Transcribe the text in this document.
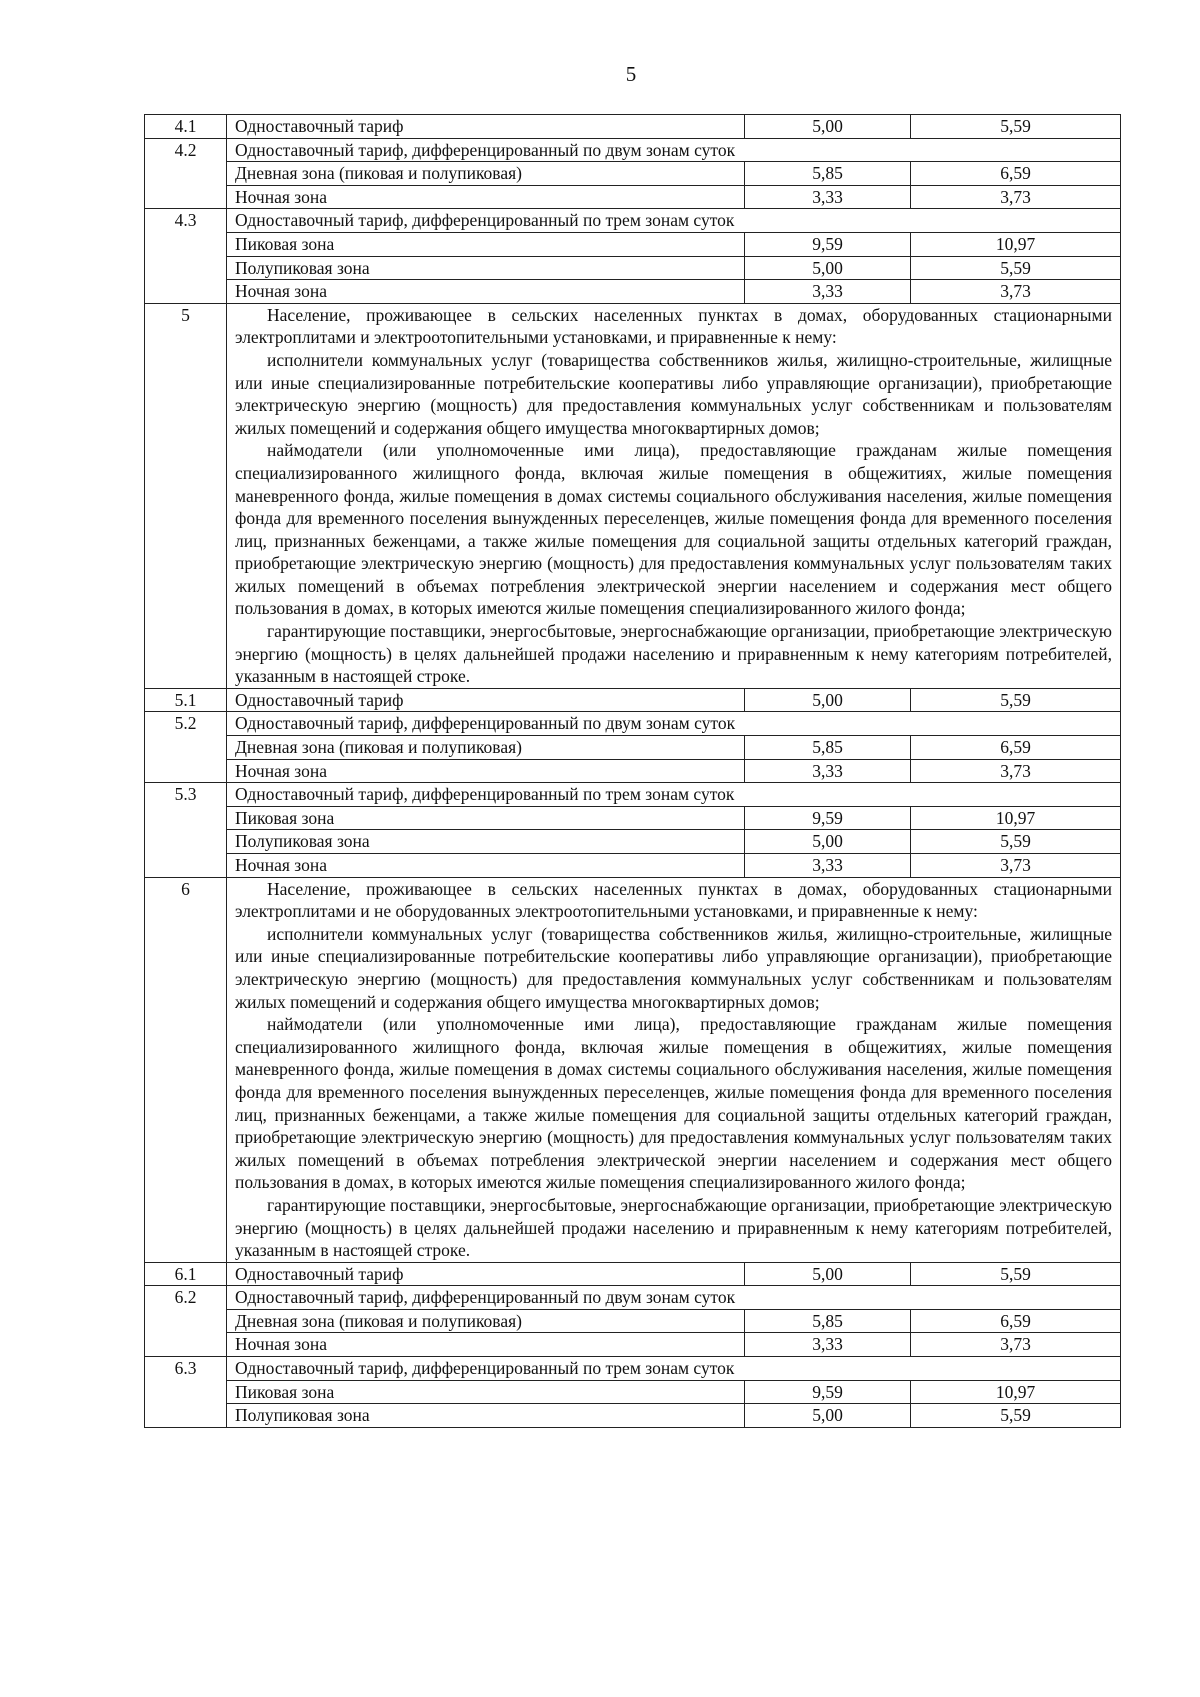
5
4.1	Одноставочный тариф	5,00	5,59
4.2	Одноставочный тариф, дифференцированный по двум зонам суток		
	Дневная зона (пиковая и полупиковая)	5,85	6,59
	Ночная зона	3,33	3,73
4.3	Одноставочный тариф, дифференцированный по трем зонам суток		
	Пиковая зона	9,59	10,97
	Полупиковая зона	5,00	5,59
	Ночная зона	3,33	3,73
5	Население, проживающее в сельских населенных пунктах в домах, оборудованных стационарными электроплитами и электроотопительными установками, и приравненные к нему:

исполнители коммунальных услуг (товарищества собственников жилья, жилищно-строительные, жилищные или иные специализированные потребительские кооперативы либо управляющие организации), приобретающие электрическую энергию (мощность) для предоставления коммунальных услуг собственникам и пользователям жилых помещений и содержания общего имущества многоквартирных домов;

наймодатели (или уполномоченные ими лица), предоставляющие гражданам жилые помещения специализированного жилищного фонда, включая жилые помещения в общежитиях, жилые помещения маневренного фонда, жилые помещения в домах системы социального обслуживания населения, жилые помещения фонда для временного поселения вынужденных переселенцев, жилые помещения фонда для временного поселения лиц, признанных беженцами, а также жилые помещения для социальной защиты отдельных категорий граждан, приобретающие электрическую энергию (мощность) для предоставления коммунальных услуг пользователям таких жилых помещений в объемах потребления электрической энергии населением и содержания мест общего пользования в домах, в которых имеются жилые помещения специализированного жилого фонда;

гарантирующие поставщики, энергосбытовые, энергоснабжающие организации, приобретающие электрическую энергию (мощность) в целях дальнейшей продажи населению и приравненным к нему категориям потребителей, указанным в настоящей строке.		

5.1	Одноставочный тариф	5,00	5,59
5.2	Одноставочный тариф, дифференцированный по двум зонам суток		
	Дневная зона (пиковая и полупиковая)	5,85	6,59
	Ночная зона	3,33	3,73
5.3	Одноставочный тариф, дифференцированный по трем зонам суток		
	Пиковая зона	9,59	10,97
	Полупиковая зона	5,00	5,59
	Ночная зона	3,33	3,73
6	Население, проживающее в сельских населенных пунктах в домах, оборудованных стационарными электроплитами и не оборудованных электроотопительными установками, и приравненные к нему:

исполнители коммунальных услуг (товарищества собственников жилья, жилищно-строительные, жилищные или иные специализированные потребительские кооперативы либо управляющие организации), приобретающие электрическую энергию (мощность) для предоставления коммунальных услуг собственникам и пользователям жилых помещений и содержания общего имущества многоквартирных домов;

наймодатели (или уполномоченные ими лица), предоставляющие гражданам жилые помещения специализированного жилищного фонда, включая жилые помещения в общежитиях, жилые помещения маневренного фонда, жилые помещения в домах системы социального обслуживания населения, жилые помещения фонда для временного поселения вынужденных переселенцев, жилые помещения фонда для временного поселения лиц, признанных беженцами, а также жилые помещения для социальной защиты отдельных категорий граждан, приобретающие электрическую энергию (мощность) для предоставления коммунальных услуг пользователям таких жилых помещений в объемах потребления электрической энергии населением и содержания мест общего пользования в домах, в которых имеются жилые помещения специализированного жилого фонда;

гарантирующие поставщики, энергосбытовые, энергоснабжающие организации, приобретающие электрическую энергию (мощность) в целях дальнейшей продажи населению и приравненным к нему категориям потребителей, указанным в настоящей строке.		

6.1	Одноставочный тариф	5,00	5,59
6.2	Одноставочный тариф, дифференцированный по двум зонам суток		
	Дневная зона (пиковая и полупиковая)	5,85	6,59
	Ночная зона	3,33	3,73
6.3	Одноставочный тариф, дифференцированный по трем зонам суток		
	Пиковая зона	9,59	10,97
	Полупиковая зона	5,00	5,59
